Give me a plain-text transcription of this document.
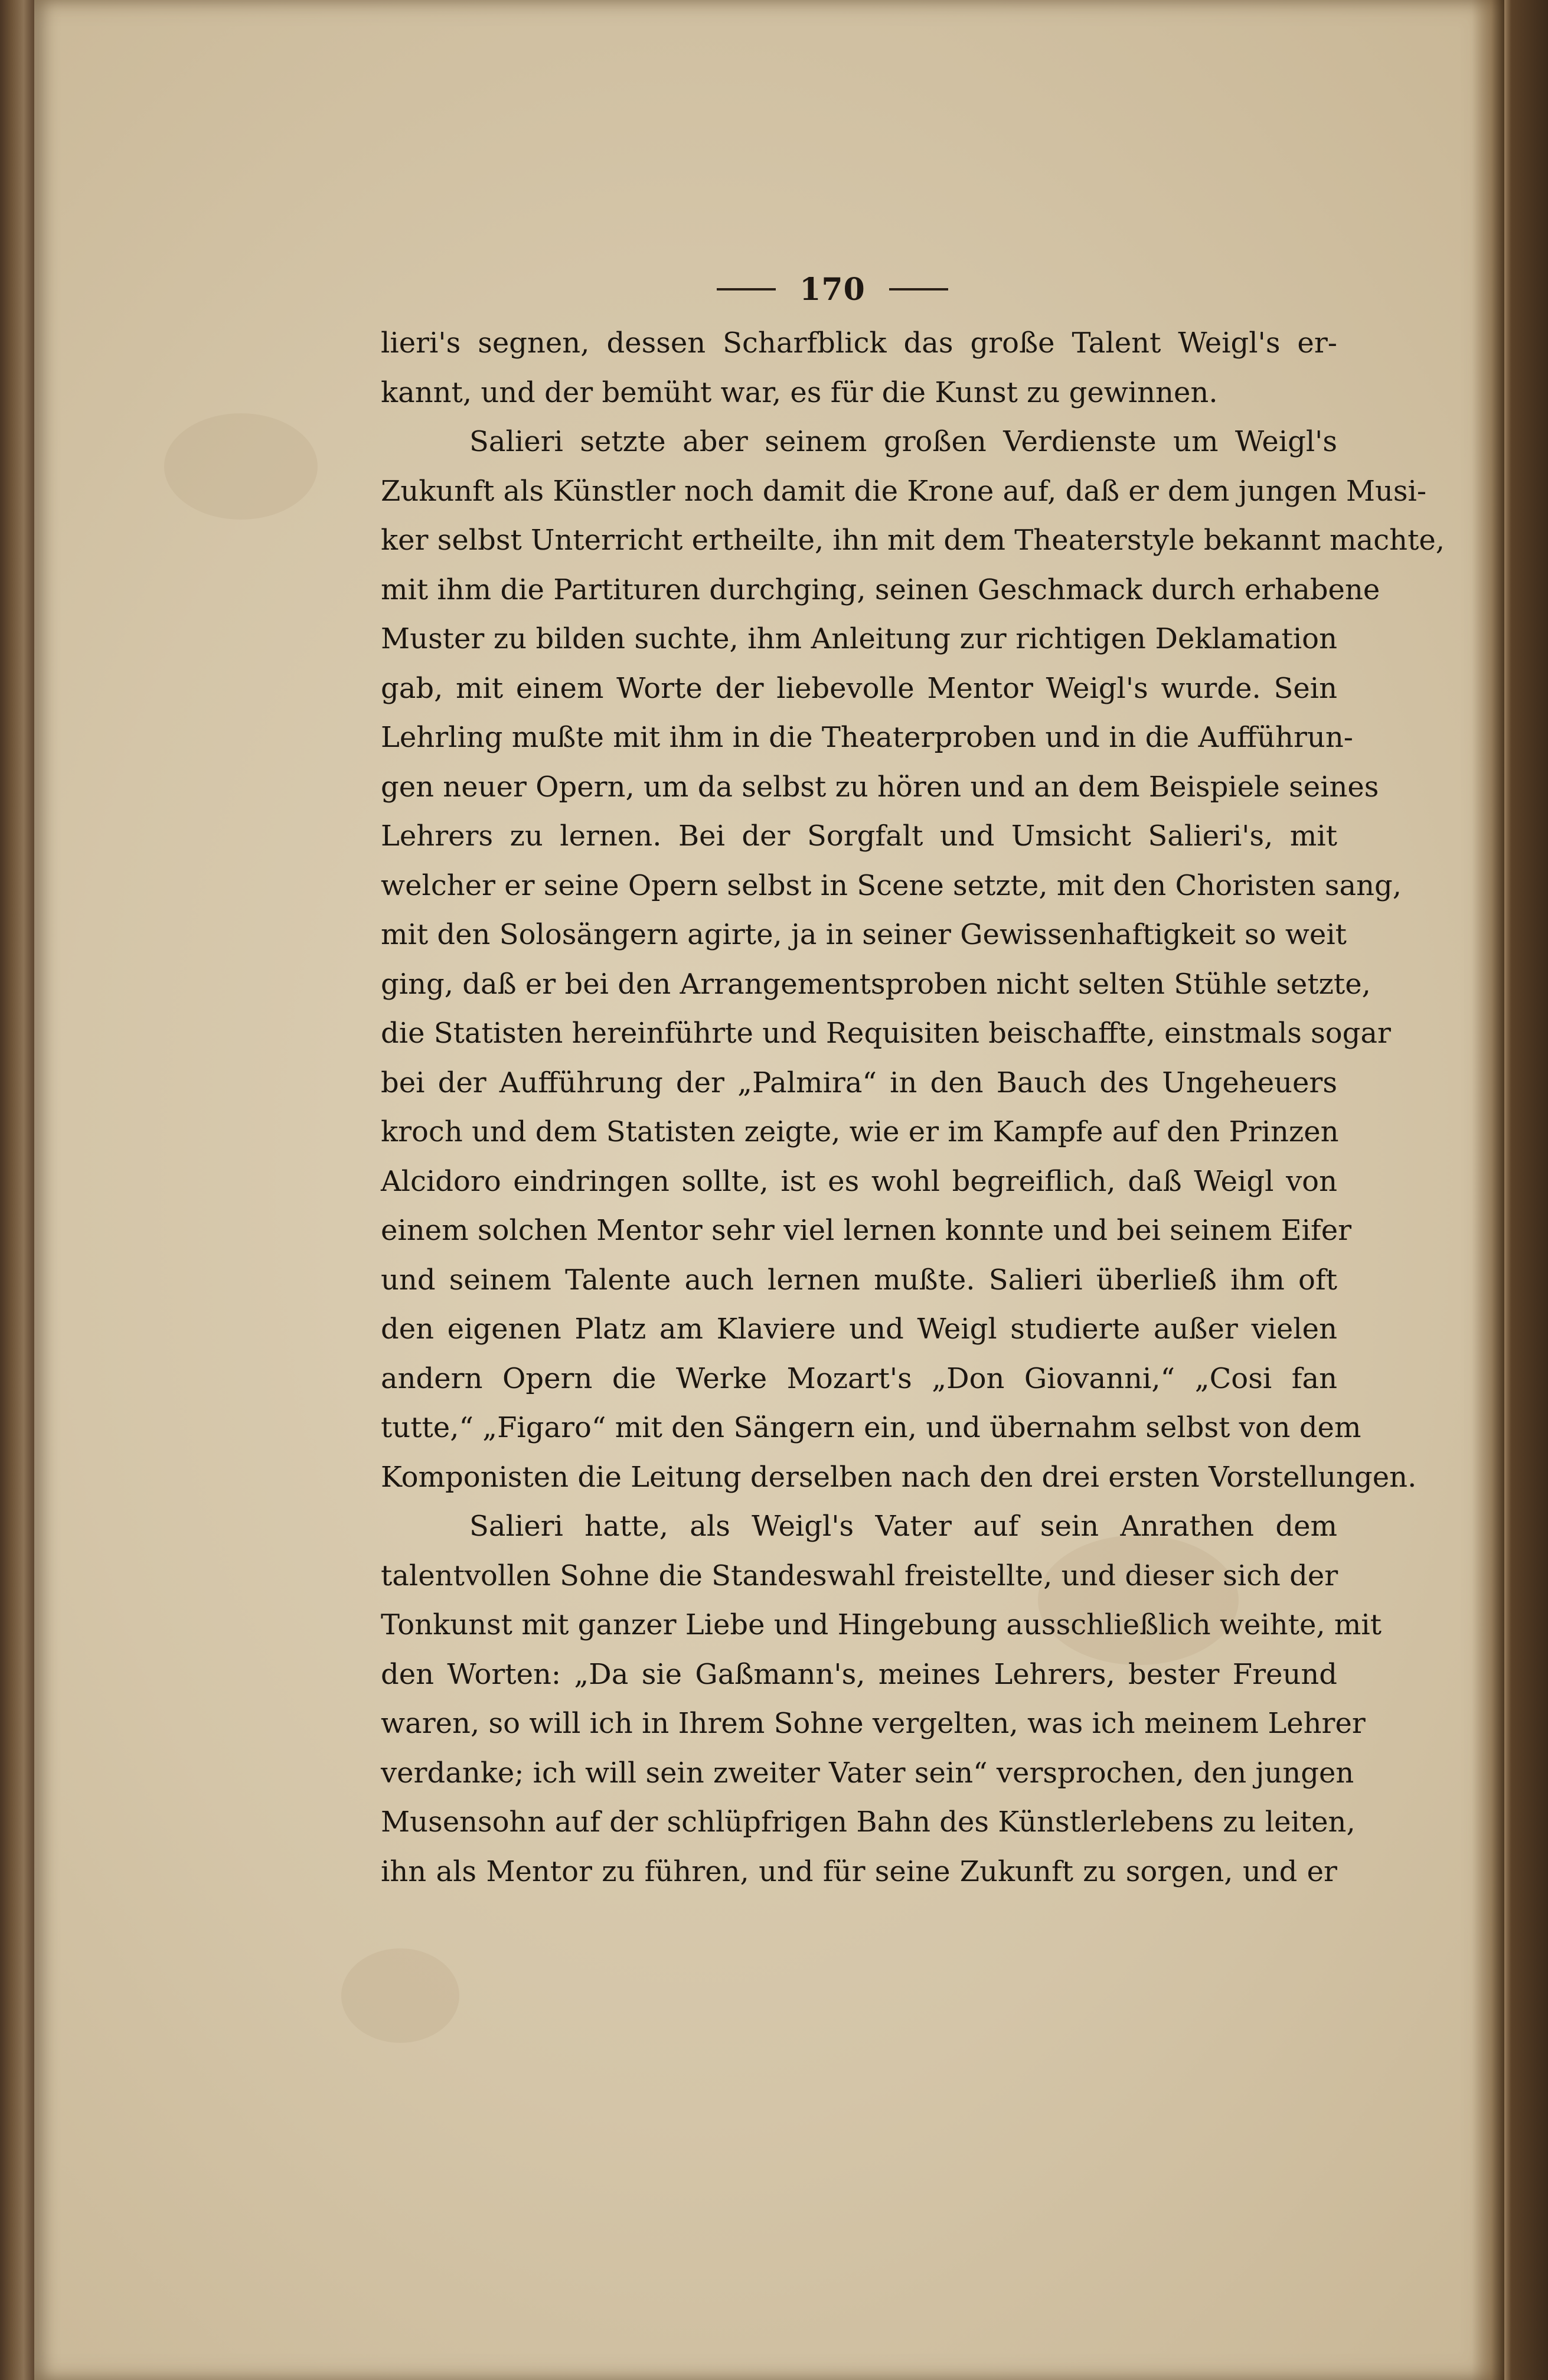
170
lieri's segnen, dessen Scharfblick das große Talent Weigl's er-
kannt, und der bemüht war, es für die Kunst zu gewinnen.
Salieri setzte aber seinem großen Verdienste um Weigl's
Zukunft als Künstler noch damit die Krone auf, daß er dem jungen Musi-
ker selbst Unterricht ertheilte, ihn mit dem Theaterstyle bekannt machte,
mit ihm die Partituren durchging, seinen Geschmack durch erhabene
Muster zu bilden suchte, ihm Anleitung zur richtigen Deklamation
gab, mit einem Worte der liebevolle Mentor Weigl's wurde. Sein
Lehrling mußte mit ihm in die Theaterproben und in die Aufführun-
gen neuer Opern, um da selbst zu hören und an dem Beispiele seines
Lehrers zu lernen. Bei der Sorgfalt und Umsicht Salieri's, mit
welcher er seine Opern selbst in Scene setzte, mit den Choristen sang,
mit den Solosängern agirte, ja in seiner Gewissenhaftigkeit so weit
ging, daß er bei den Arrangementsproben nicht selten Stühle setzte,
die Statisten hereinführte und Requisiten beischaffte, einstmals sogar
bei der Aufführung der „Palmira“ in den Bauch des Ungeheuers
kroch und dem Statisten zeigte, wie er im Kampfe auf den Prinzen
Alcidoro eindringen sollte, ist es wohl begreiflich, daß Weigl von
einem solchen Mentor sehr viel lernen konnte und bei seinem Eifer
und seinem Talente auch lernen mußte. Salieri überließ ihm oft
den eigenen Platz am Klaviere und Weigl studierte außer vielen
andern Opern die Werke Mozart's „Don Giovanni,“ „Cosi fan
tutte,“ „Figaro“ mit den Sängern ein, und übernahm selbst von dem
Komponisten die Leitung derselben nach den drei ersten Vorstellungen.
Salieri hatte, als Weigl's Vater auf sein Anrathen dem
talentvollen Sohne die Standeswahl freistellte, und dieser sich der
Tonkunst mit ganzer Liebe und Hingebung ausschließlich weihte, mit
den Worten: „Da sie Gaßmann's, meines Lehrers, bester Freund
waren, so will ich in Ihrem Sohne vergelten, was ich meinem Lehrer
verdanke; ich will sein zweiter Vater sein“ versprochen, den jungen
Musensohn auf der schlüpfrigen Bahn des Künstlerlebens zu leiten,
ihn als Mentor zu führen, und für seine Zukunft zu sorgen, und er
